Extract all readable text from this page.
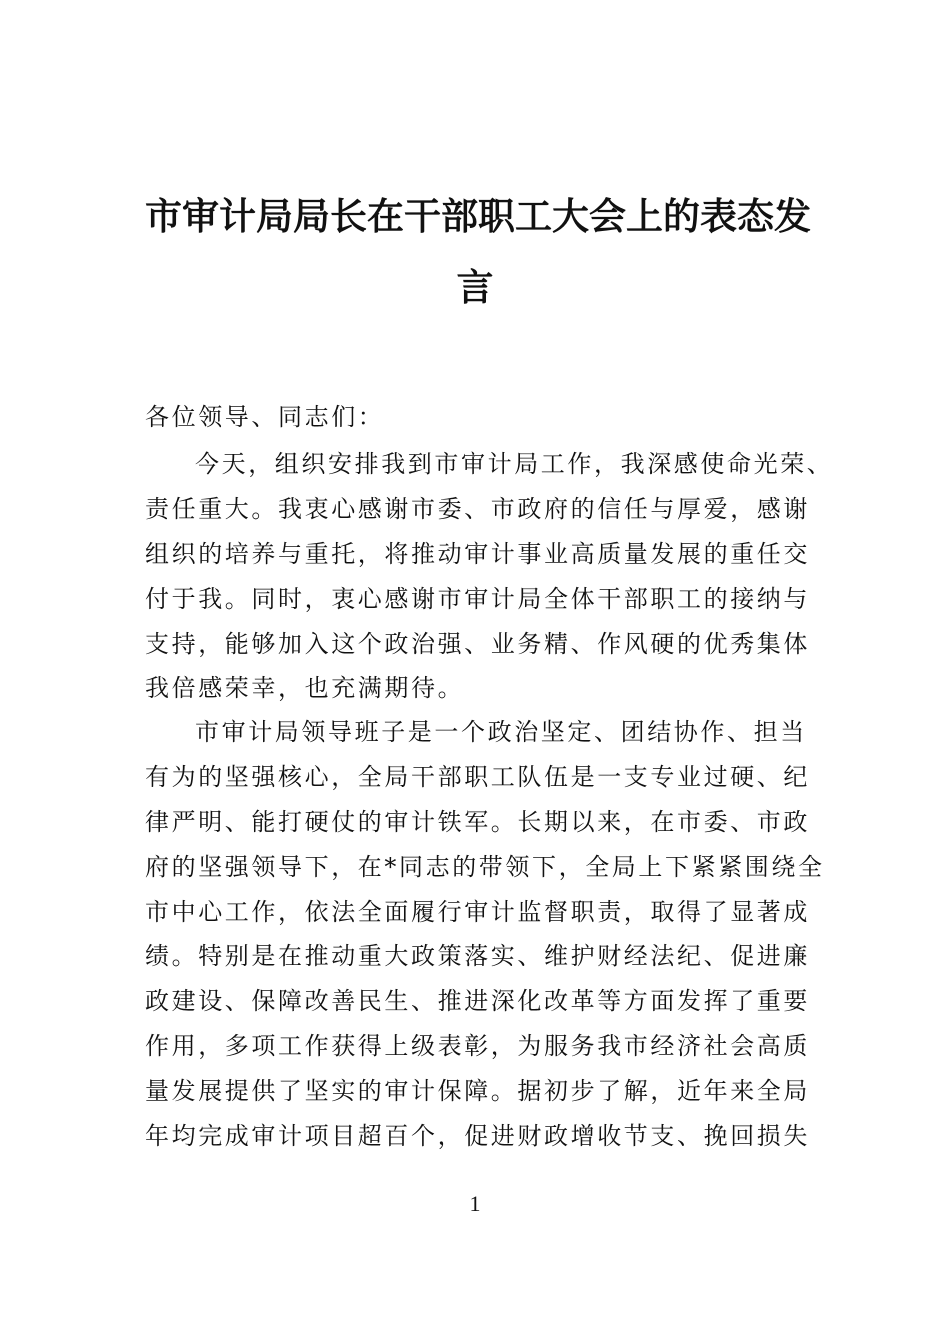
市审计局局长在干部职工大会上的表态发
言

各位领导、同志们：

今天，组织安排我到市审计局工作，我深感使命光荣、

责任重大。我衷心感谢市委、市政府的信任与厚爱，感谢

组织的培养与重托，将推动审计事业高质量发展的重任交

付于我。同时，衷心感谢市审计局全体干部职工的接纳与

支持，能够加入这个政治强、业务精、作风硬的优秀集体

我倍感荣幸，也充满期待。

市审计局领导班子是一个政治坚定、团结协作、担当

有为的坚强核心，全局干部职工队伍是一支专业过硬、纪

律严明、能打硬仗的审计铁军。长期以来，在市委、市政

府的坚强领导下，在*同志的带领下，全局上下紧紧围绕全

市中心工作，依法全面履行审计监督职责，取得了显著成

绩。特别是在推动重大政策落实、维护财经法纪、促进廉

政建设、保障改善民生、推进深化改革等方面发挥了重要

作用，多项工作获得上级表彰，为服务我市经济社会高质

量发展提供了坚实的审计保障。据初步了解，近年来全局

年均完成审计项目超百个，促进财政增收节支、挽回损失

1
